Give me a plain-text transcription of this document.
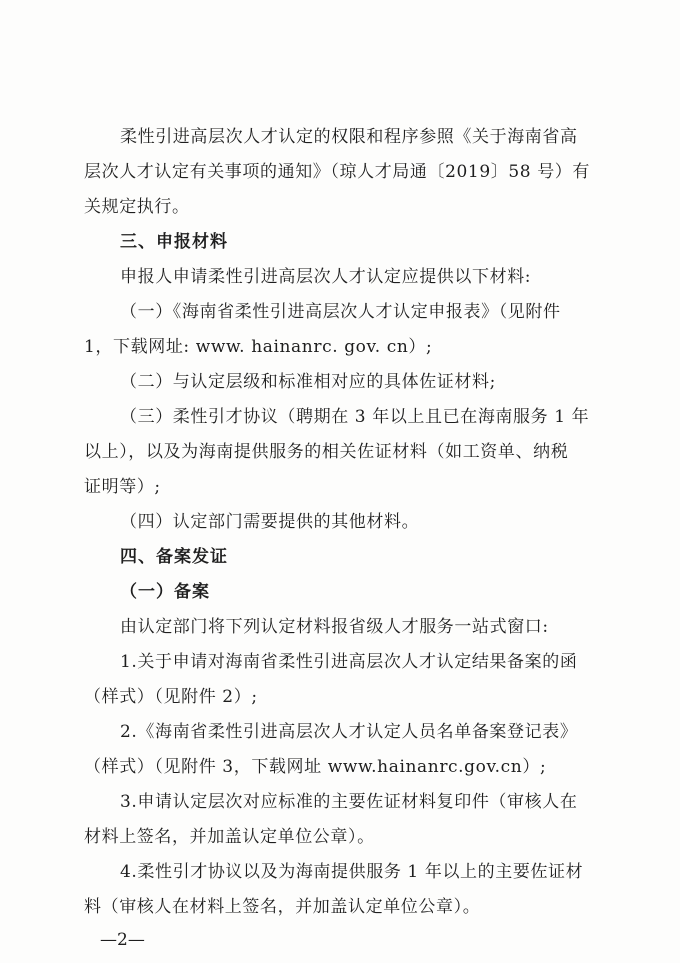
柔性引进高层次人才认定的权限和程序参照《关于海南省高
层次人才认定有关事项的通知》（琼人才局通〔2019〕58 号）有
关规定执行。
三、申报材料
申报人申请柔性引进高层次人才认定应提供以下材料:
（一）《海南省柔性引进高层次人才认定申报表》（见附件
1，下载网址: www. hainanrc. gov. cn）;
（二）与认定层级和标准相对应的具体佐证材料;
（三）柔性引才协议（聘期在 3 年以上且已在海南服务 1 年
以上），以及为海南提供服务的相关佐证材料（如工资单、纳税
证明等）;
（四）认定部门需要提供的其他材料。
四、备案发证
（一）备案
由认定部门将下列认定材料报省级人才服务一站式窗口:
1.关于申请对海南省柔性引进高层次人才认定结果备案的函
（样式）（见附件 2）;
2.《海南省柔性引进高层次人才认定人员名单备案登记表》
（样式）（见附件 3，下载网址 www.hainanrc.gov.cn）;
3.申请认定层次对应标准的主要佐证材料复印件（审核人在
材料上签名，并加盖认定单位公章）。
4.柔性引才协议以及为海南提供服务 1 年以上的主要佐证材
料（审核人在材料上签名，并加盖认定单位公章）。
—2—
